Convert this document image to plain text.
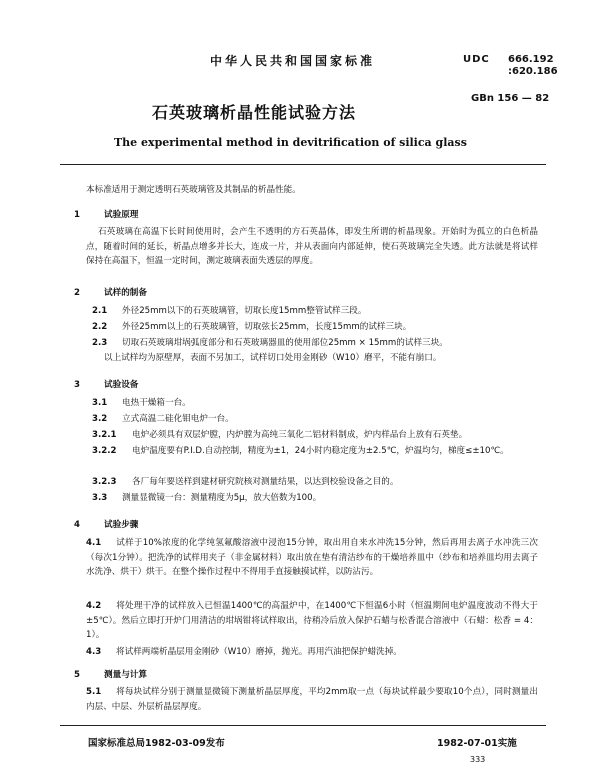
中华人民共和国国家标准	UDC 666.192
:620.186
GBn 156 — 82
石英玻璃析晶性能试验方法
The experimental method in devitrification of silica glass
本标准适用于测定透明石英玻璃管及其制品的析晶性能。
1	试验原理
石英玻璃在高温下长时间使用时，会产生不透明的方石英晶体，即发生所谓的析晶现象。开始时为孤立的白色析晶点，随着时间的延长，析晶点增多并长大，连成一片，并从表面向内部延伸，使石英玻璃完全失透。此方法就是将试样保持在高温下，恒温一定时间，测定玻璃表面失透层的厚度。
2	试样的制备
2.1 外径25mm以下的石英玻璃管，切取长度15mm整管试样三段。
2.2 外径25mm以上的石英玻璃管，切取弦长25mm，长度15mm的试样三块。
2.3 切取石英玻璃坩埚弧度部分和石英玻璃器皿的使用部位25mm × 15mm的试样三块。
以上试样均为原壁厚，表面不另加工，试样切口处用金刚砂（W10）磨平，不能有崩口。
3	试验设备
3.1 电热干燥箱一台。
3.2 立式高温二硅化钼电炉一台。
3.2.1 电炉必须具有双层炉膛，内炉膛为高纯三氧化二铝材料制成，炉内样品台上放有石英垫。
3.2.2 电炉温度要有P.I.D.自动控制，精度为±1，24小时内稳定度为±2.5℃，炉温均匀，梯度≤±10℃。
3.2.3 各厂每年要送样到建材研究院核对测量结果，以达到校验设备之目的。
3.3 测量显微镜一台：测量精度为5μ，放大倍数为100。
4	试验步骤
4.1 试样于10%浓度的化学纯氢氟酸溶液中浸泡15分钟，取出用自来水冲洗15分钟，然后再用去离子水冲洗三次（每次1分钟）。把洗净的试样用夹子（非金属材料）取出放在垫有清洁纱布的干燥培养皿中（纱布和培养皿均用去离子水洗净、烘干）烘干。在整个操作过程中不得用手直接触摸试样，以防沾污。
4.2 将处理干净的试样放入已恒温1400℃的高温炉中，在1400℃下恒温6小时（恒温期间电炉温度波动不得大于±5℃）。然后立即打开炉门用清洁的坩埚钳将试样取出，待稍冷后放入保护石蜡与松香混合溶液中（石蜡：松香 = 4：1）。
4.3 将试样两端析晶层用金刚砂（W10）磨掉，抛光。再用汽油把保护蜡洗掉。
5	测量与计算
5.1 将每块试样分别于测量显微镜下测量析晶层厚度，平均2mm取一点（每块试样最少要取10个点），同时测量出内层、中层、外层析晶层厚度。
国家标准总局1982-03-09发布	1982-07-01实施
333
